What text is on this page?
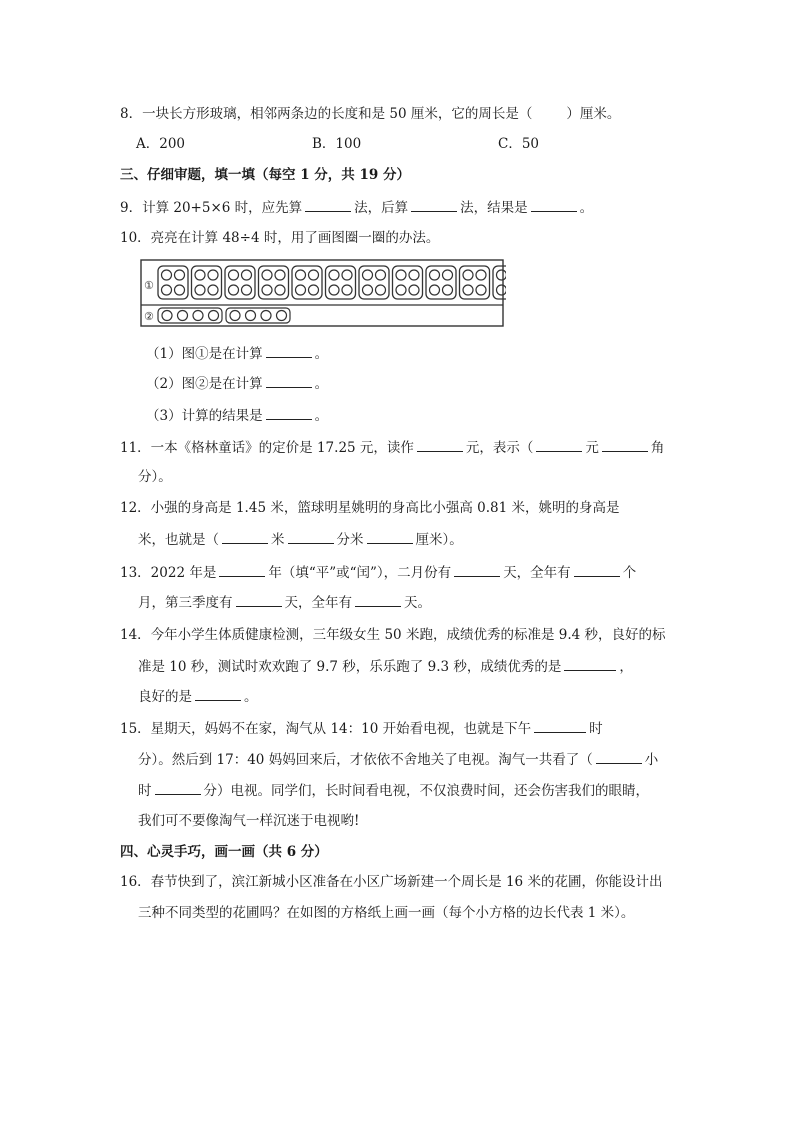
8．一块长方形玻璃，相邻两条边的长度和是 50 厘米，它的周长是（	）厘米。
A．200	B．100	C．50
三、仔细审题，填一填（每空 1 分，共 19 分）
9．计算 20+5×6 时，应先算	法，后算	法，结果是	。
10．亮亮在计算 48÷4 时，用了画图圈一圈的办法。
①
②
（1）图①是在计算	。
（2）图②是在计算	。
（3）计算的结果是	。
11．一本《格林童话》的定价是 17.25 元，读作	元，表示（	元	角
分）。
12．小强的身高是 1.45 米，篮球明星姚明的身高比小强高 0.81 米，姚明的身高是
米，也就是（	米	分米	厘米）。
13．2022 年是	年（填“平”或“闰”），二月份有	天，全年有	个
月，第三季度有	天，全年有	天。
14．今年小学生体质健康检测，三年级女生 50 米跑，成绩优秀的标准是 9.4 秒，良好的标
准是 10 秒，测试时欢欢跑了 9.7 秒，乐乐跑了 9.3 秒，成绩优秀的是	，
良好的是	。
15．星期天，妈妈不在家，淘气从 14：10 开始看电视，也就是下午	时
分）。然后到 17：40 妈妈回来后，才依依不舍地关了电视。淘气一共看了（	小
时	分）电视。同学们，长时间看电视，不仅浪费时间，还会伤害我们的眼睛，
我们可不要像淘气一样沉迷于电视哟!
四、心灵手巧，画一画（共 6 分）
16．春节快到了，滨江新城小区准备在小区广场新建一个周长是 16 米的花圃，你能设计出
三种不同类型的花圃吗？在如图的方格纸上画一画（每个小方格的边长代表 1 米）。
